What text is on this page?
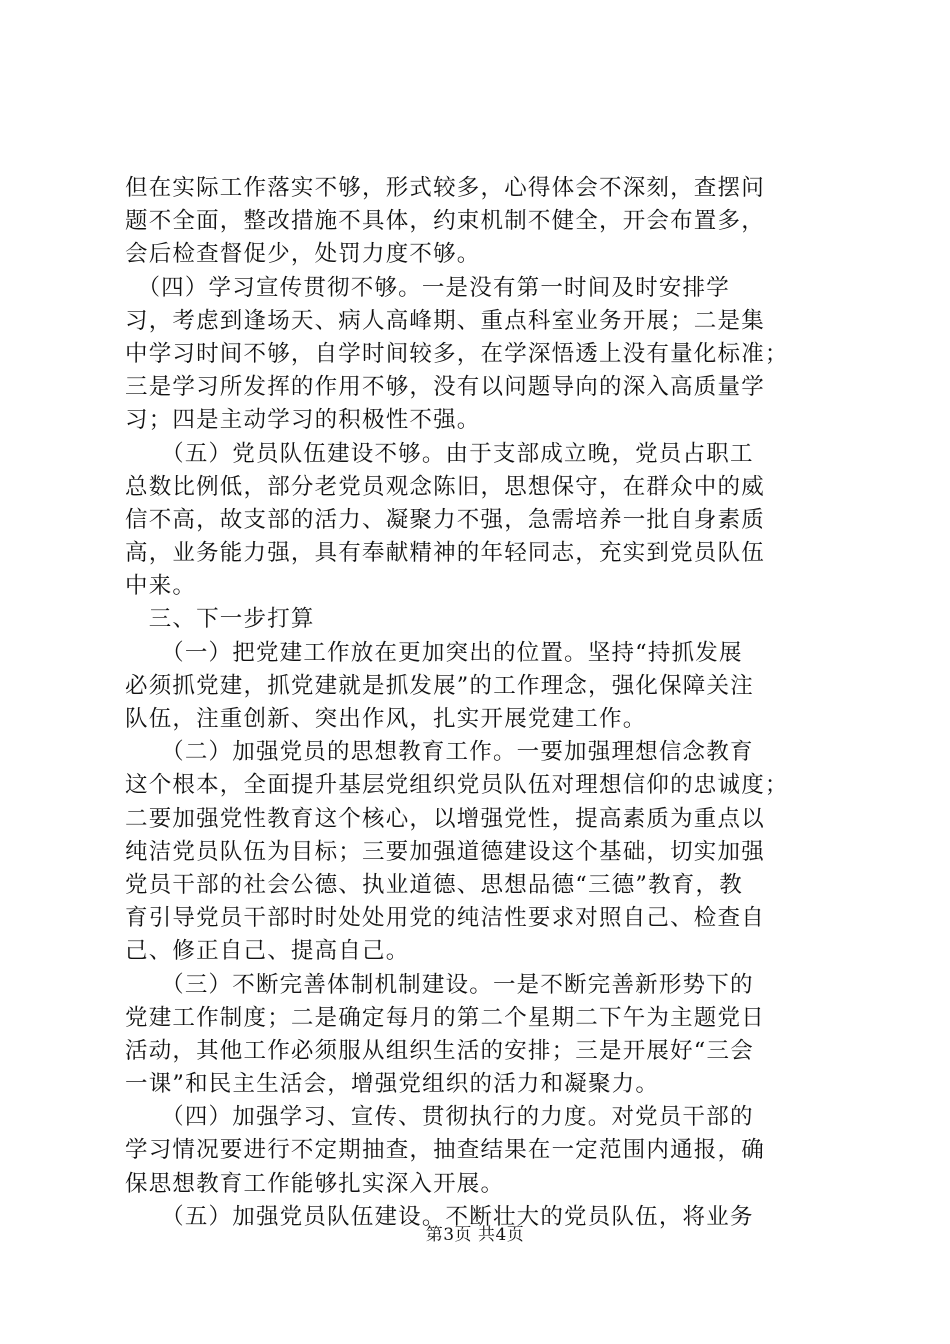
但在实际工作落实不够，形式较多，心得体会不深刻，查摆问
题不全面，整改措施不具体，约束机制不健全，开会布置多，
会后检查督促少，处罚力度不够。
　（四）学习宣传贯彻不够。一是没有第一时间及时安排学
习，考虑到逢场天、病人高峰期、重点科室业务开展；二是集
中学习时间不够，自学时间较多，在学深悟透上没有量化标准；
三是学习所发挥的作用不够，没有以问题导向的深入高质量学
习；四是主动学习的积极性不强。
　　（五）党员队伍建设不够。由于支部成立晚，党员占职工
总数比例低，部分老党员观念陈旧，思想保守，在群众中的威
信不高，故支部的活力、凝聚力不强，急需培养一批自身素质
高，业务能力强，具有奉献精神的年轻同志，充实到党员队伍
中来。
　三、下一步打算
　　（一）把党建工作放在更加突出的位置。坚持“持抓发展
必须抓党建，抓党建就是抓发展”的工作理念，强化保障关注
队伍，注重创新、突出作风，扎实开展党建工作。
　　（二）加强党员的思想教育工作。一要加强理想信念教育
这个根本，全面提升基层党组织党员队伍对理想信仰的忠诚度；
二要加强党性教育这个核心，以增强党性，提高素质为重点以
纯洁党员队伍为目标；三要加强道德建设这个基础，切实加强
党员干部的社会公德、执业道德、思想品德“三德”教育，教
育引导党员干部时时处处用党的纯洁性要求对照自己、检查自
己、修正自己、提高自己。
　　（三）不断完善体制机制建设。一是不断完善新形势下的
党建工作制度；二是确定每月的第二个星期二下午为主题党日
活动，其他工作必须服从组织生活的安排；三是开展好“三会
一课”和民主生活会，增强党组织的活力和凝聚力。
　　（四）加强学习、宣传、贯彻执行的力度。对党员干部的
学习情况要进行不定期抽查，抽查结果在一定范围内通报，确
保思想教育工作能够扎实深入开展。
　　（五）加强党员队伍建设。不断壮大的党员队伍，将业务
第3页 共4页
